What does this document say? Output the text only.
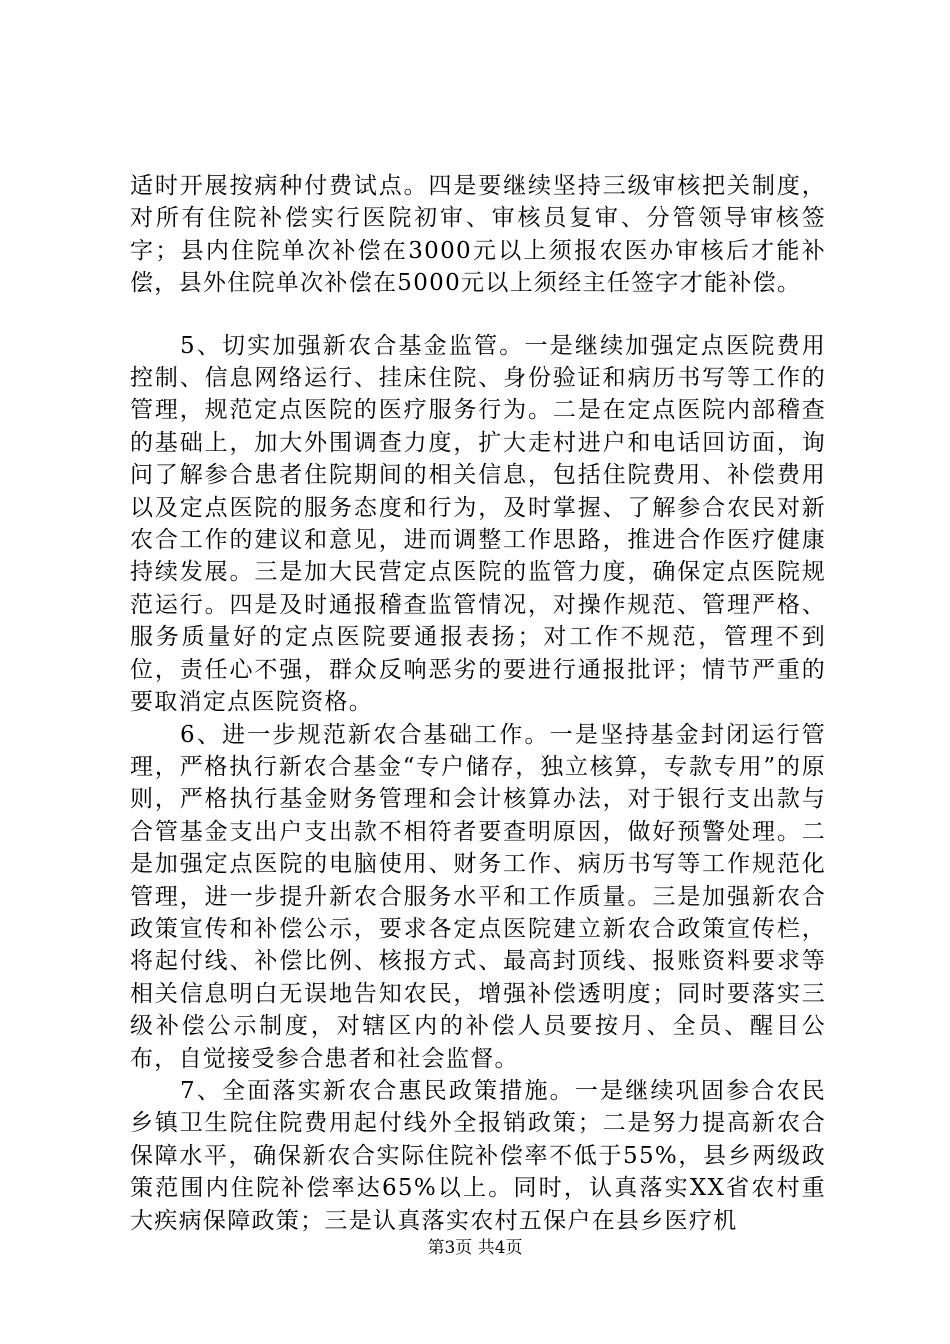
适时开展按病种付费试点。四是要继续坚持三级审核把关制度，对所有住院补偿实行医院初审、审核员复审、分管领导审核签字；县内住院单次补偿在3000元以上须报农医办审核后才能补偿，县外住院单次补偿在5000元以上须经主任签字才能补偿。

5、切实加强新农合基金监管。一是继续加强定点医院费用控制、信息网络运行、挂床住院、身份验证和病历书写等工作的管理，规范定点医院的医疗服务行为。二是在定点医院内部稽查的基础上，加大外围调查力度，扩大走村进户和电话回访面，询问了解参合患者住院期间的相关信息，包括住院费用、补偿费用以及定点医院的服务态度和行为，及时掌握、了解参合农民对新农合工作的建议和意见，进而调整工作思路，推进合作医疗健康持续发展。三是加大民营定点医院的监管力度，确保定点医院规范运行。四是及时通报稽查监管情况，对操作规范、管理严格、服务质量好的定点医院要通报表扬；对工作不规范，管理不到位，责任心不强，群众反响恶劣的要进行通报批评；情节严重的要取消定点医院资格。

6、进一步规范新农合基础工作。一是坚持基金封闭运行管理，严格执行新农合基金“专户储存，独立核算，专款专用”的原则，严格执行基金财务管理和会计核算办法，对于银行支出款与合管基金支出户支出款不相符者要查明原因，做好预警处理。二是加强定点医院的电脑使用、财务工作、病历书写等工作规范化管理，进一步提升新农合服务水平和工作质量。三是加强新农合政策宣传和补偿公示，要求各定点医院建立新农合政策宣传栏，将起付线、补偿比例、核报方式、最高封顶线、报账资料要求等相关信息明白无误地告知农民，增强补偿透明度；同时要落实三级补偿公示制度，对辖区内的补偿人员要按月、全员、醒目公布，自觉接受参合患者和社会监督。

7、全面落实新农合惠民政策措施。一是继续巩固参合农民乡镇卫生院住院费用起付线外全报销政策；二是努力提高新农合保障水平，确保新农合实际住院补偿率不低于55%，县乡两级政策范围内住院补偿率达65%以上。同时，认真落实XX省农村重大疾病保障政策；三是认真落实农村五保户在县乡医疗机

第3页 共4页
